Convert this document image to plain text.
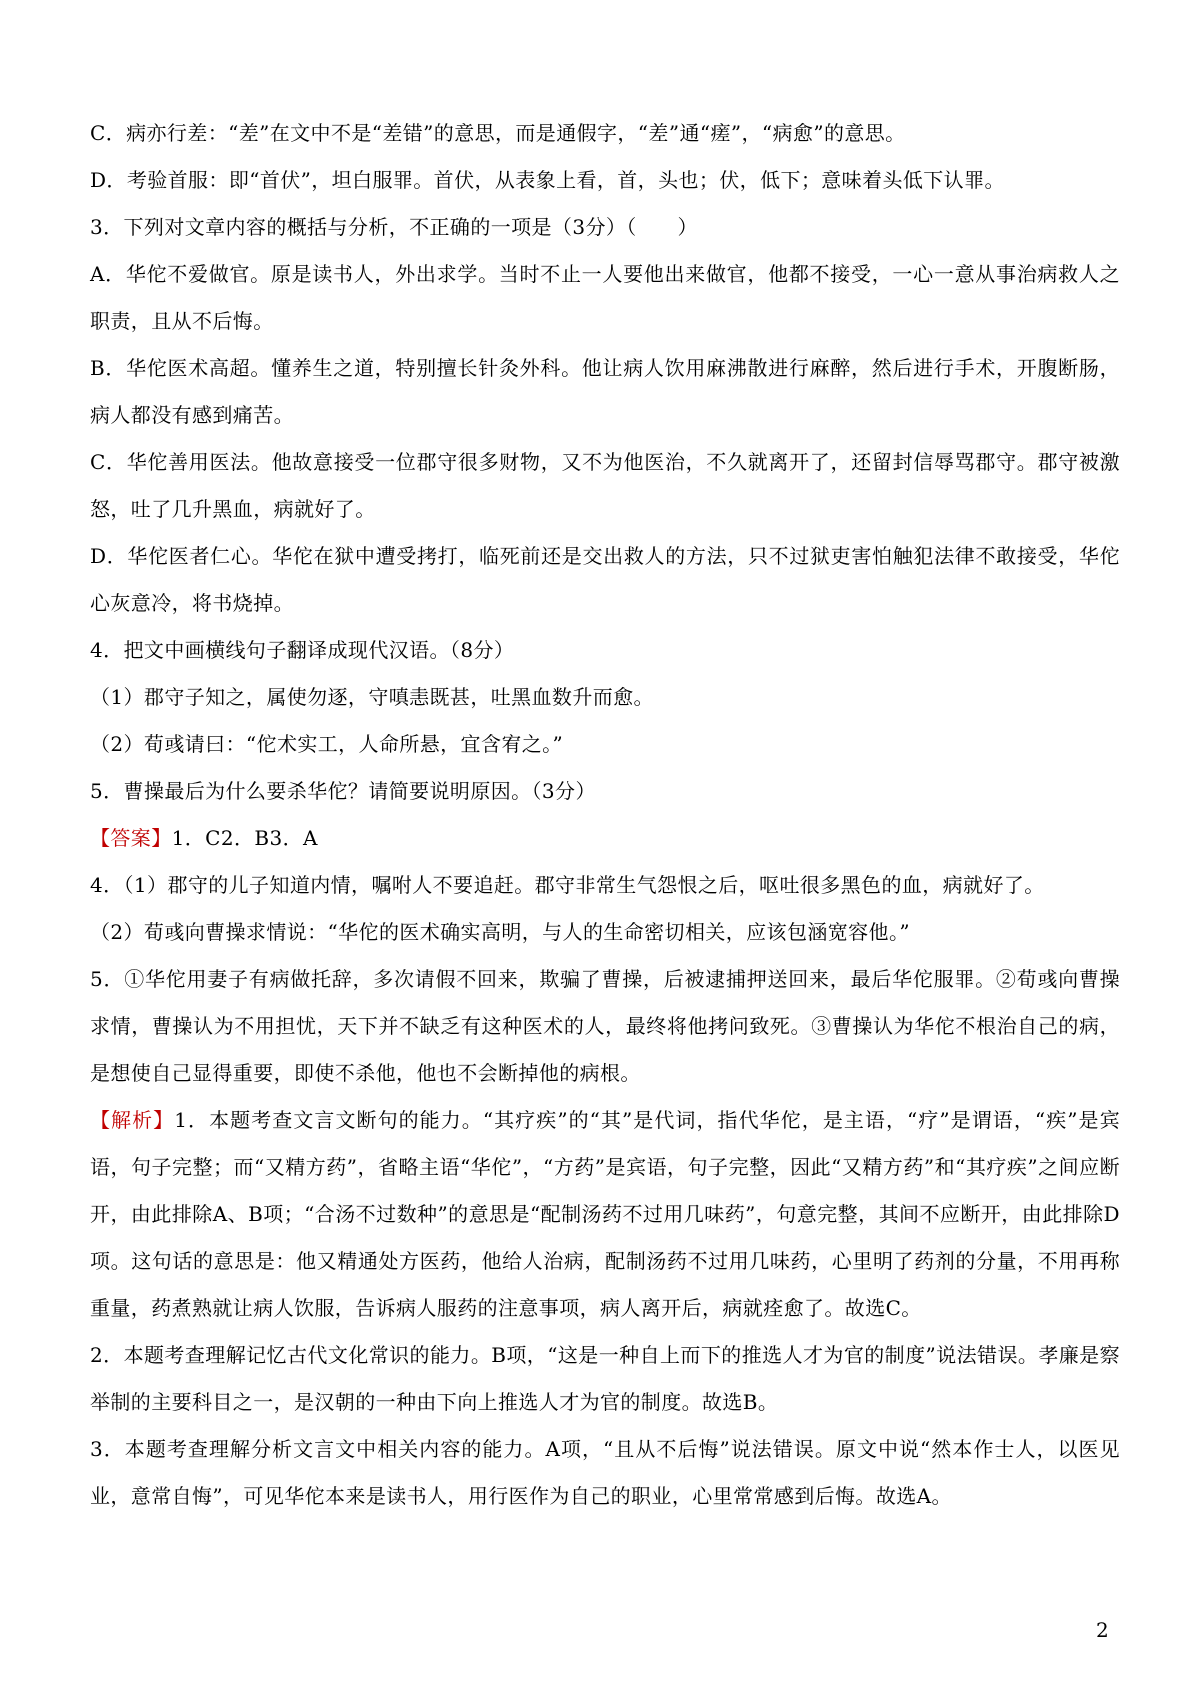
C．病亦行差：“差”在文中不是“差错”的意思，而是通假字，“差”通“瘥”，“病愈”的意思。

D．考验首服：即“首伏”，坦白服罪。首伏，从表象上看，首，头也；伏，低下；意味着头低下认罪。

3．下列对文章内容的概括与分析，不正确的一项是（3分）（　　）

A．华佗不爱做官。原是读书人，外出求学。当时不止一人要他出来做官，他都不接受，一心一意从事治病救人之职责，且从不后悔。

B．华佗医术高超。懂养生之道，特别擅长针灸外科。他让病人饮用麻沸散进行麻醉，然后进行手术，开腹断肠，病人都没有感到痛苦。

C．华佗善用医法。他故意接受一位郡守很多财物，又不为他医治，不久就离开了，还留封信辱骂郡守。郡守被激怒，吐了几升黑血，病就好了。

D．华佗医者仁心。华佗在狱中遭受拷打，临死前还是交出救人的方法，只不过狱吏害怕触犯法律不敢接受，华佗心灰意冷，将书烧掉。

4．把文中画横线句子翻译成现代汉语。（8分）

（1）郡守子知之，属使勿逐，守嗔恚既甚，吐黑血数升而愈。

（2）荀彧请曰：“佗术实工，人命所悬，宜含宥之。”

5．曹操最后为什么要杀华佗？请简要说明原因。（3分）

【答案】1．C2．B3．A

4．（1）郡守的儿子知道内情，嘱咐人不要追赶。郡守非常生气怨恨之后，呕吐很多黑色的血，病就好了。

（2）荀彧向曹操求情说：“华佗的医术确实高明，与人的生命密切相关，应该包涵宽容他。”

5．①华佗用妻子有病做托辞，多次请假不回来，欺骗了曹操，后被逮捕押送回来，最后华佗服罪。②荀彧向曹操求情，曹操认为不用担忧，天下并不缺乏有这种医术的人，最终将他拷问致死。③曹操认为华佗不根治自己的病，是想使自己显得重要，即使不杀他，他也不会断掉他的病根。

【解析】1．本题考查文言文断句的能力。“其疗疾”的“其”是代词，指代华佗，是主语，“疗”是谓语，“疾”是宾语，句子完整；而“又精方药”，省略主语“华佗”，“方药”是宾语，句子完整，因此“又精方药”和“其疗疾”之间应断开，由此排除A、B项；“合汤不过数种”的意思是“配制汤药不过用几味药”，句意完整，其间不应断开，由此排除D项。这句话的意思是：他又精通处方医药，他给人治病，配制汤药不过用几味药，心里明了药剂的分量，不用再称重量，药煮熟就让病人饮服，告诉病人服药的注意事项，病人离开后，病就痊愈了。故选C。

2．本题考查理解记忆古代文化常识的能力。B项，“这是一种自上而下的推选人才为官的制度”说法错误。孝廉是察举制的主要科目之一，是汉朝的一种由下向上推选人才为官的制度。故选B。

3．本题考查理解分析文言文中相关内容的能力。A项，“且从不后悔”说法错误。原文中说“然本作士人，以医见业，意常自悔”，可见华佗本来是读书人，用行医作为自己的职业，心里常常感到后悔。故选A。

2
